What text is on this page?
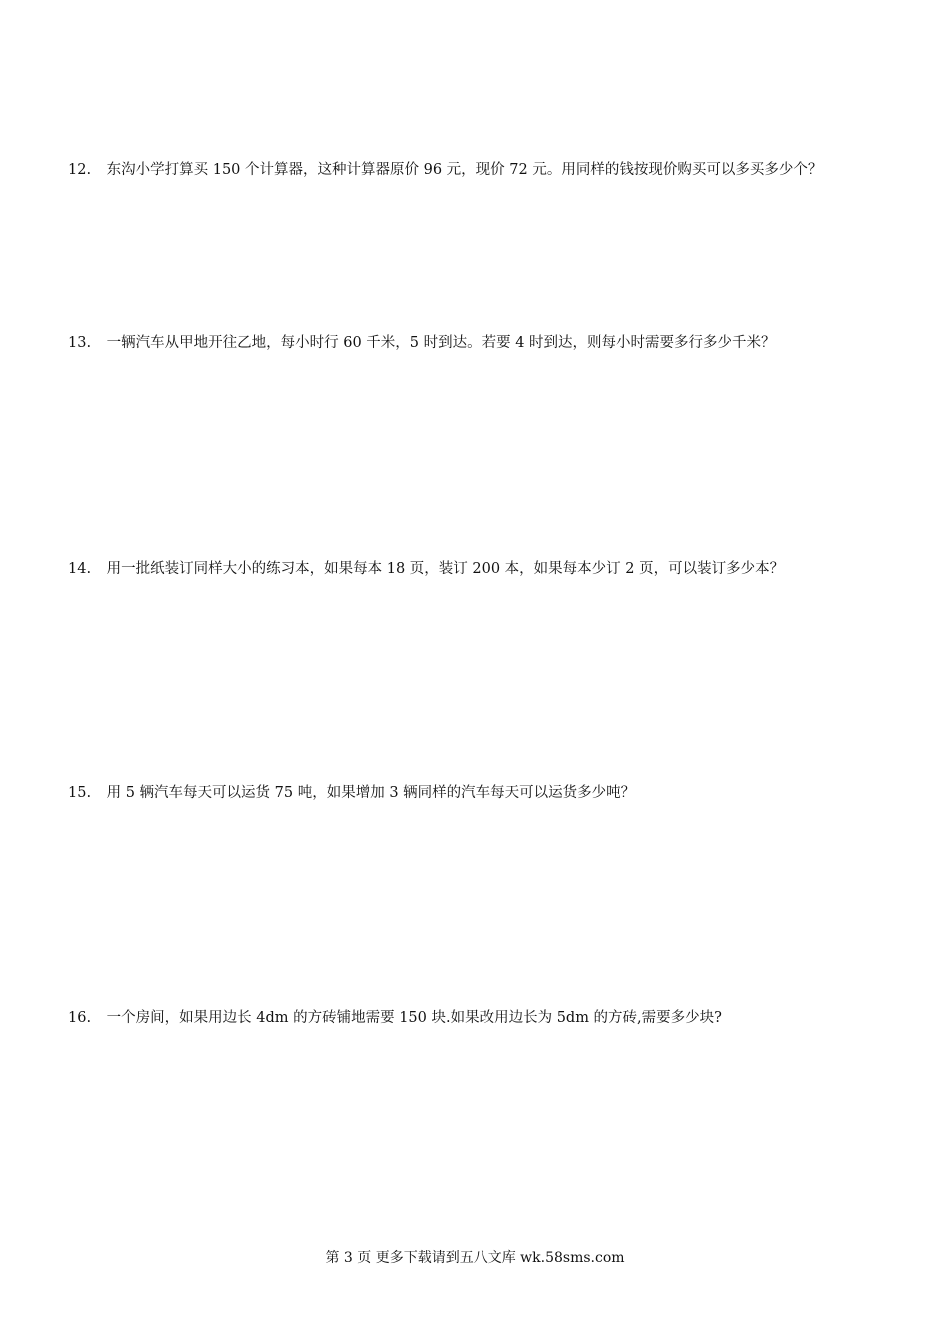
12. 东沟小学打算买 150 个计算器，这种计算器原价 96 元，现价 72 元。用同样的钱按现价购买可以多买多少个？
13. 一辆汽车从甲地开往乙地，每小时行 60 千米，5 时到达。若要 4 时到达，则每小时需要多行多少千米？
14. 用一批纸装订同样大小的练习本，如果每本 18 页，装订 200 本，如果每本少订 2 页，可以装订多少本？
15. 用 5 辆汽车每天可以运货 75 吨，如果增加 3 辆同样的汽车每天可以运货多少吨？
16. 一个房间，如果用边长 4dm 的方砖铺地需要 150 块.如果改用边长为 5dm 的方砖,需要多少块?
第 3 页 更多下载请到五八文库 wk.58sms.com
